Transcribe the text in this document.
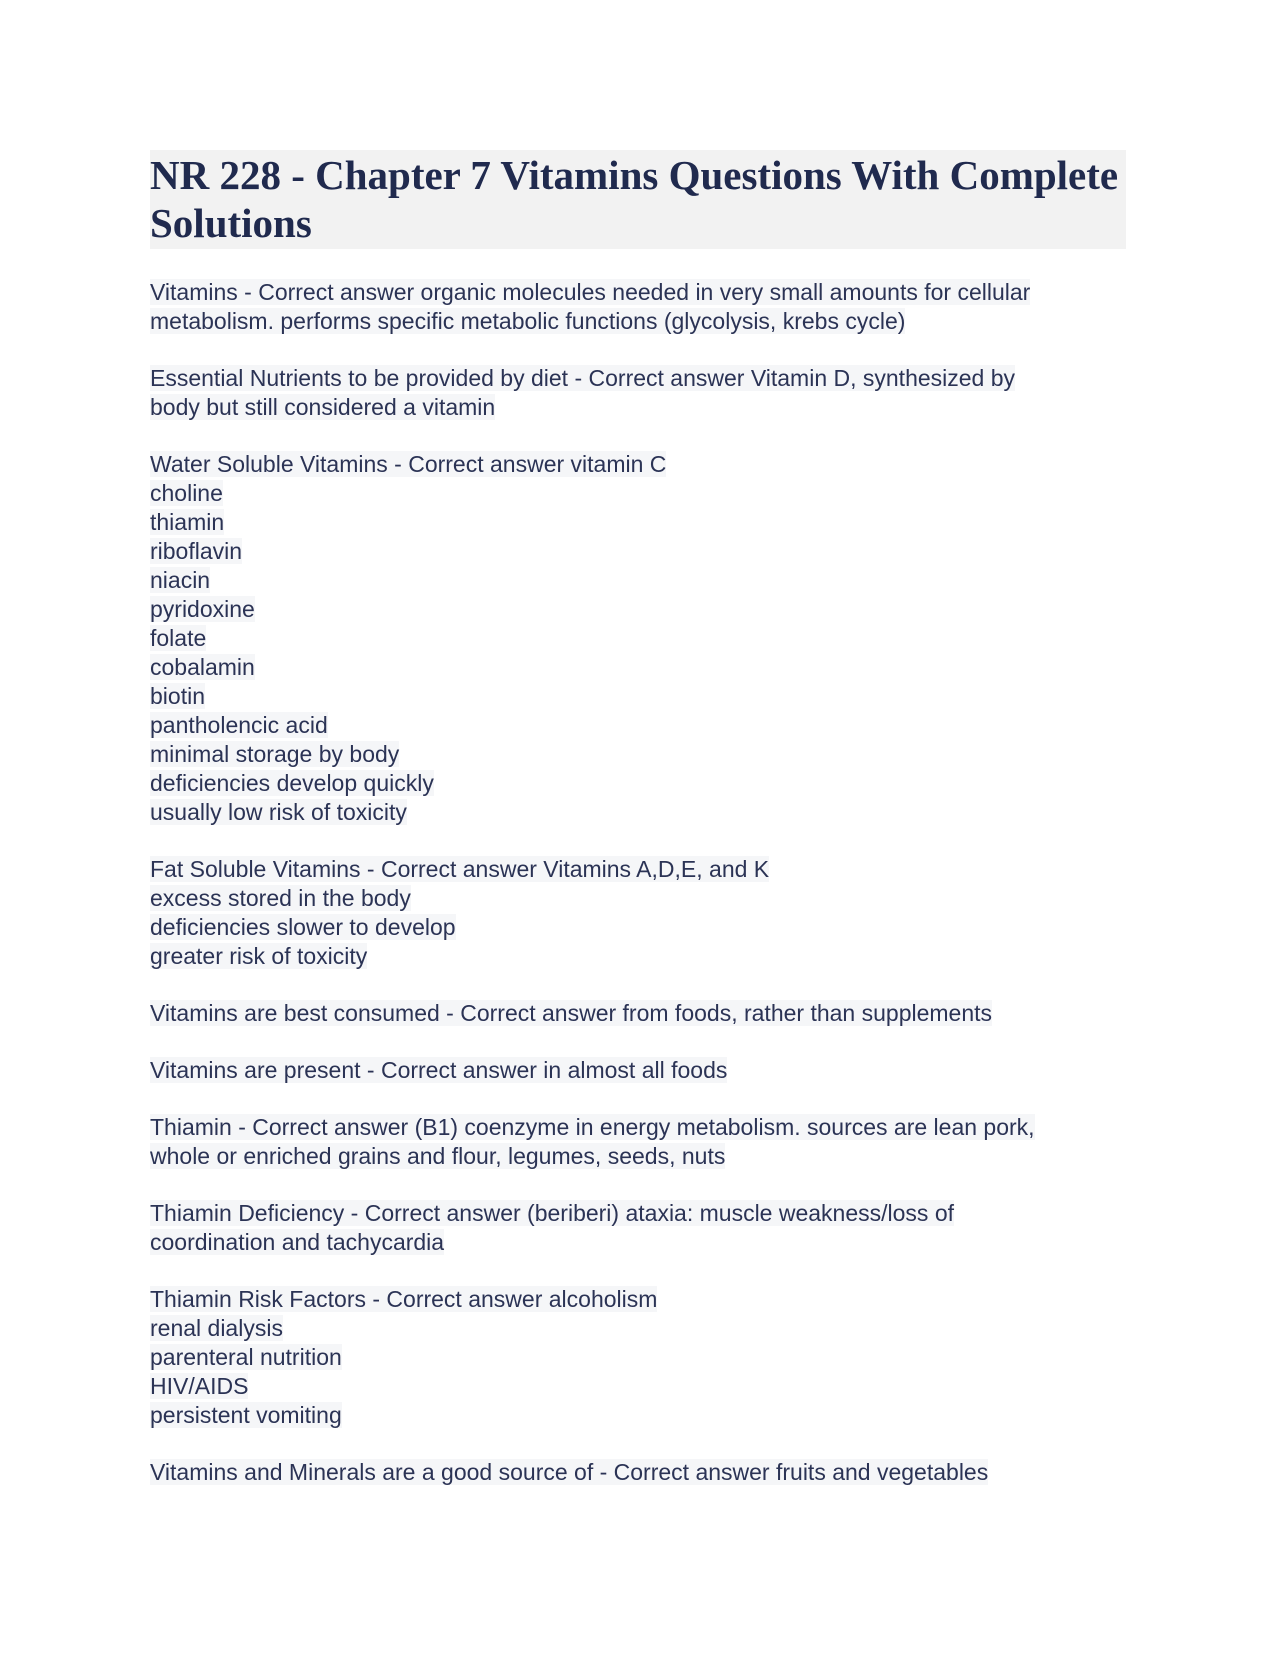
NR 228 - Chapter 7 Vitamins Questions With Complete Solutions
Vitamins - Correct answer organic molecules needed in very small amounts for cellular
metabolism. performs specific metabolic functions (glycolysis, krebs cycle)
Essential Nutrients to be provided by diet - Correct answer Vitamin D, synthesized by
body but still considered a vitamin
Water Soluble Vitamins - Correct answer vitamin C
choline
thiamin
riboflavin
niacin
pyridoxine
folate
cobalamin
biotin
pantholencic acid
minimal storage by body
deficiencies develop quickly
usually low risk of toxicity
Fat Soluble Vitamins - Correct answer Vitamins A,D,E, and K
excess stored in the body
deficiencies slower to develop
greater risk of toxicity
Vitamins are best consumed - Correct answer from foods, rather than supplements
Vitamins are present - Correct answer in almost all foods
Thiamin - Correct answer (B1) coenzyme in energy metabolism. sources are lean pork,
whole or enriched grains and flour, legumes, seeds, nuts
Thiamin Deficiency - Correct answer (beriberi) ataxia: muscle weakness/loss of
coordination and tachycardia
Thiamin Risk Factors - Correct answer alcoholism
renal dialysis
parenteral nutrition
HIV/AIDS
persistent vomiting
Vitamins and Minerals are a good source of - Correct answer fruits and vegetables
